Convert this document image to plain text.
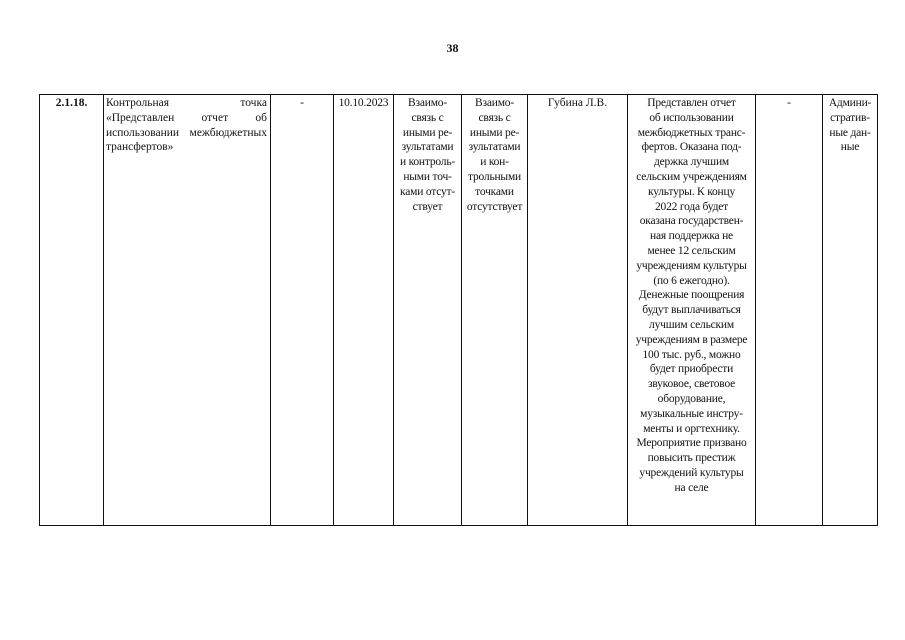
38
2.1.18.	Контрольная точка «Представлен отчет об использовании межбюджетных трансфертов»	-	10.10.2023	Взаимо-
связь с
иными ре-
зультатами
и контроль-
ными точ-
ками отсут-
ствует	Взаимо-
связь с
иными ре-
зультатами
и кон-
трольными
точками
отсутствует	Губина Л.В.	Представлен отчет
об использовании
межбюджетных транс-
фертов. Оказана под-
держка лучшим
сельским учреждениям
культуры. К концу
2022 года будет
оказана государствен-
ная поддержка не
менее 12 сельским
учреждениям культуры
(по 6 ежегодно).
Денежные поощрения
будут выплачиваться
лучшим сельским
учреждениям в размере
100 тыс. руб., можно
будет приобрести
звуковое, световое
оборудование,
музыкальные инстру-
менты и оргтехнику.
Мероприятие призвано
повысить престиж
учреждений культуры
на селе	-	Админи-
стратив-
ные дан-
ные
